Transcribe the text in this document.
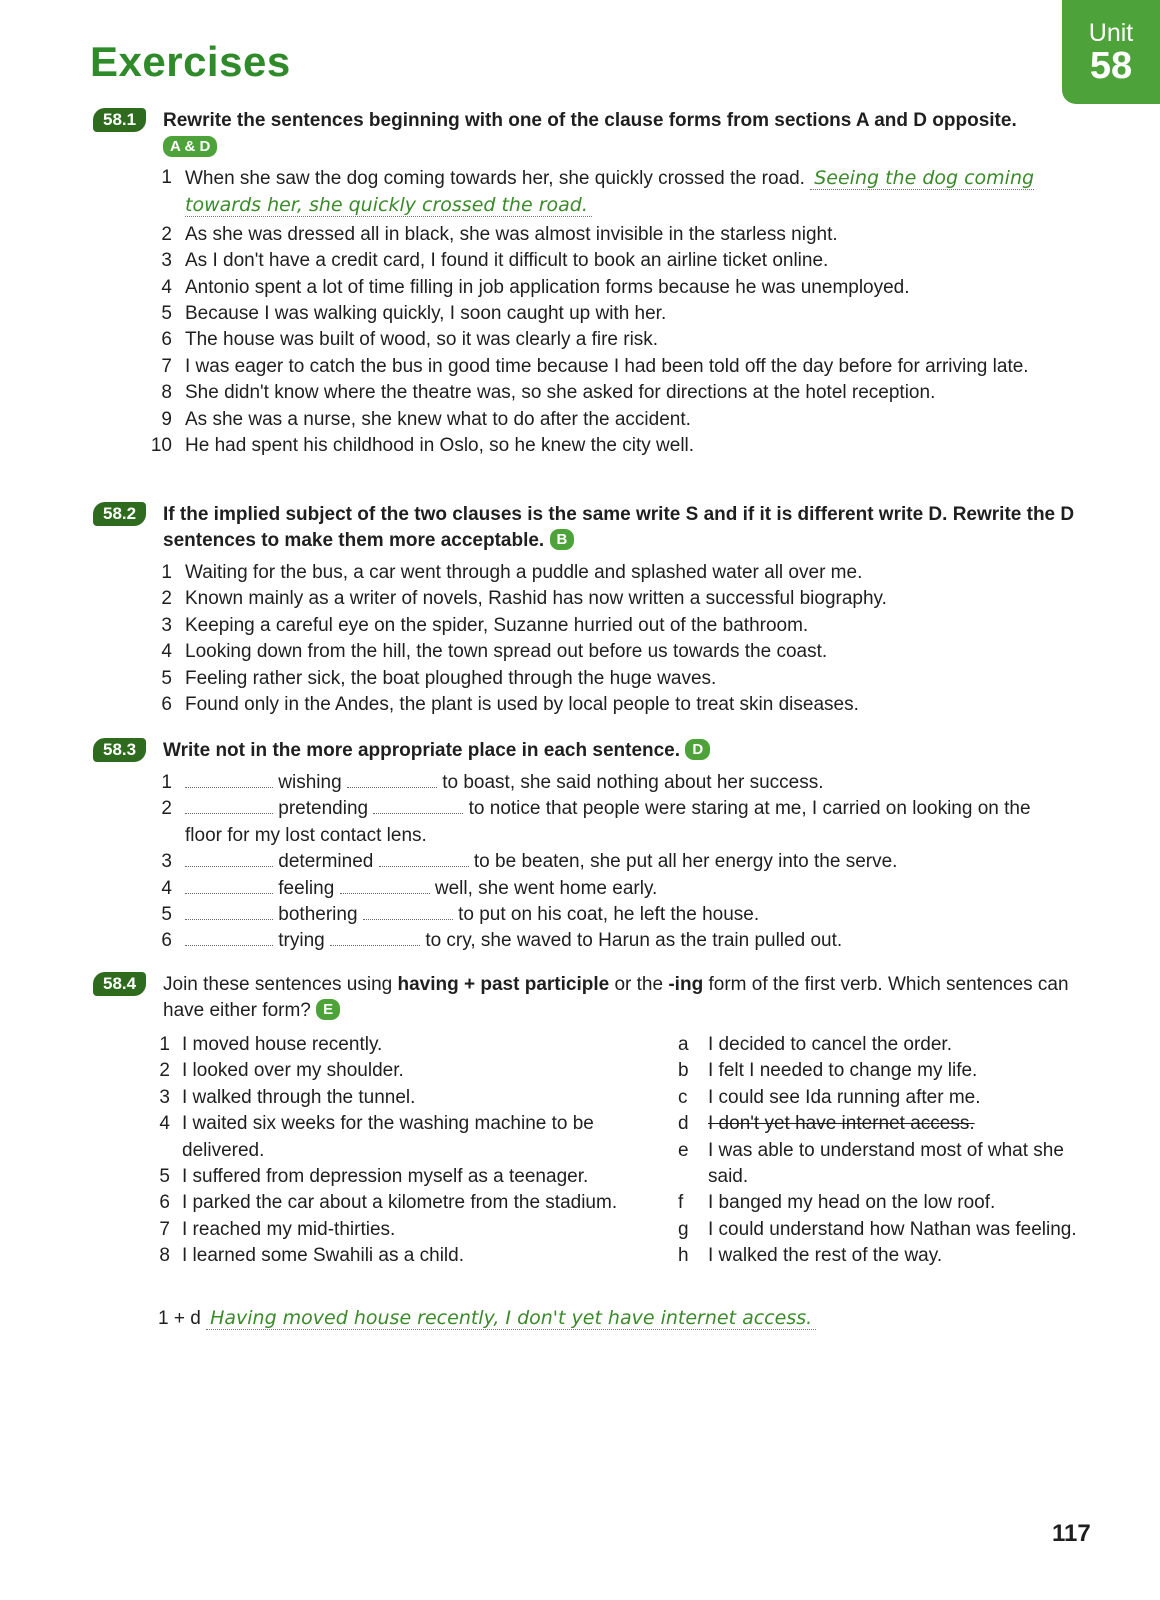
Exercises
Unit
58
58.1	Rewrite the sentences beginning with one of the clause forms from sections A and D opposite.
A & D
1 When she saw the dog coming towards her, she quickly crossed the road. Seeing the dog coming towards her, she quickly crossed the road.
2 As she was dressed all in black, she was almost invisible in the starless night.
3 As I don't have a credit card, I found it difficult to book an airline ticket online.
4 Antonio spent a lot of time filling in job application forms because he was unemployed.
5 Because I was walking quickly, I soon caught up with her.
6 The house was built of wood, so it was clearly a fire risk.
7 I was eager to catch the bus in good time because I had been told off the day before for arriving late.
8 She didn't know where the theatre was, so she asked for directions at the hotel reception.
9 As she was a nurse, she knew what to do after the accident.
10 He had spent his childhood in Oslo, so he knew the city well.
58.2	If the implied subject of the two clauses is the same write S and if it is different write D. Rewrite the D sentences to make them more acceptable. B
1 Waiting for the bus, a car went through a puddle and splashed water all over me.
2 Known mainly as a writer of novels, Rashid has now written a successful biography.
3 Keeping a careful eye on the spider, Suzanne hurried out of the bathroom.
4 Looking down from the hill, the town spread out before us towards the coast.
5 Feeling rather sick, the boat ploughed through the huge waves.
6 Found only in the Andes, the plant is used by local people to treat skin diseases.
58.3	Write not in the more appropriate place in each sentence. D
1	wishing	to boast, she said nothing about her success.
2	pretending	to notice that people were staring at me, I carried on looking on the floor for my lost contact lens.
3	determined	to be beaten, she put all her energy into the serve.
4	feeling	well, she went home early.
5	bothering	to put on his coat, he left the house.
6	trying	to cry, she waved to Harun as the train pulled out.
58.4	Join these sentences using having + past participle or the -ing form of the first verb. Which sentences can have either form? E
1 I moved house recently.
2 I looked over my shoulder.
3 I walked through the tunnel.
4 I waited six weeks for the washing machine to be delivered.
5 I suffered from depression myself as a teenager.
6 I parked the car about a kilometre from the stadium.
7 I reached my mid-thirties.
8 I learned some Swahili as a child.
a	I decided to cancel the order.
b	I felt I needed to change my life.
c	I could see Ida running after me.
d	I don't yet have internet access.
e	I was able to understand most of what she said.
f	I banged my head on the low roof.
g	I could understand how Nathan was feeling.
h	I walked the rest of the way.
1 + d Having moved house recently, I don't yet have internet access.
117
